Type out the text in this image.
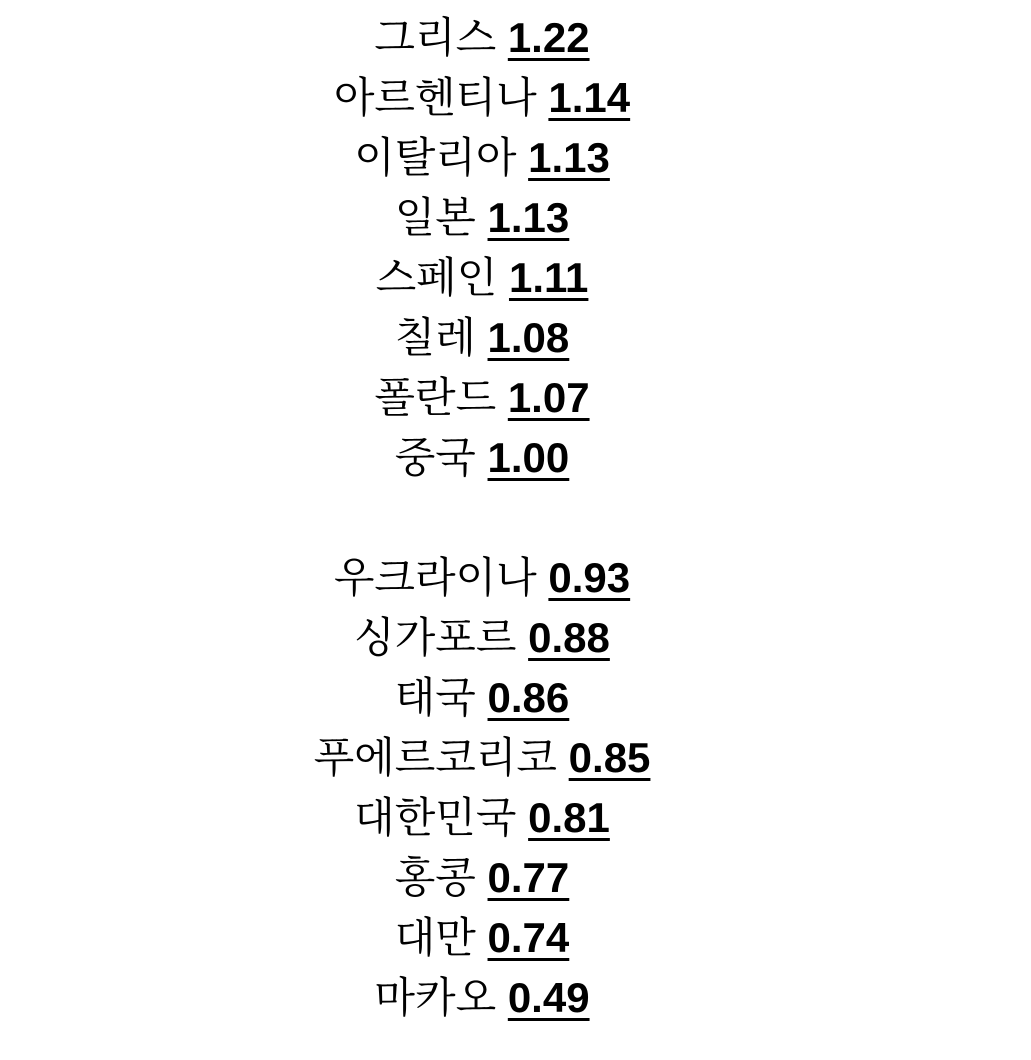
그리스 1.22
아르헨티나 1.14
이탈리아 1.13
일본 1.13
스페인 1.11
칠레 1.08
폴란드 1.07
중국 1.00
우크라이나 0.93
싱가포르 0.88
태국 0.86
푸에르코리코 0.85
대한민국 0.81
홍콩 0.77
대만 0.74
마카오 0.49
